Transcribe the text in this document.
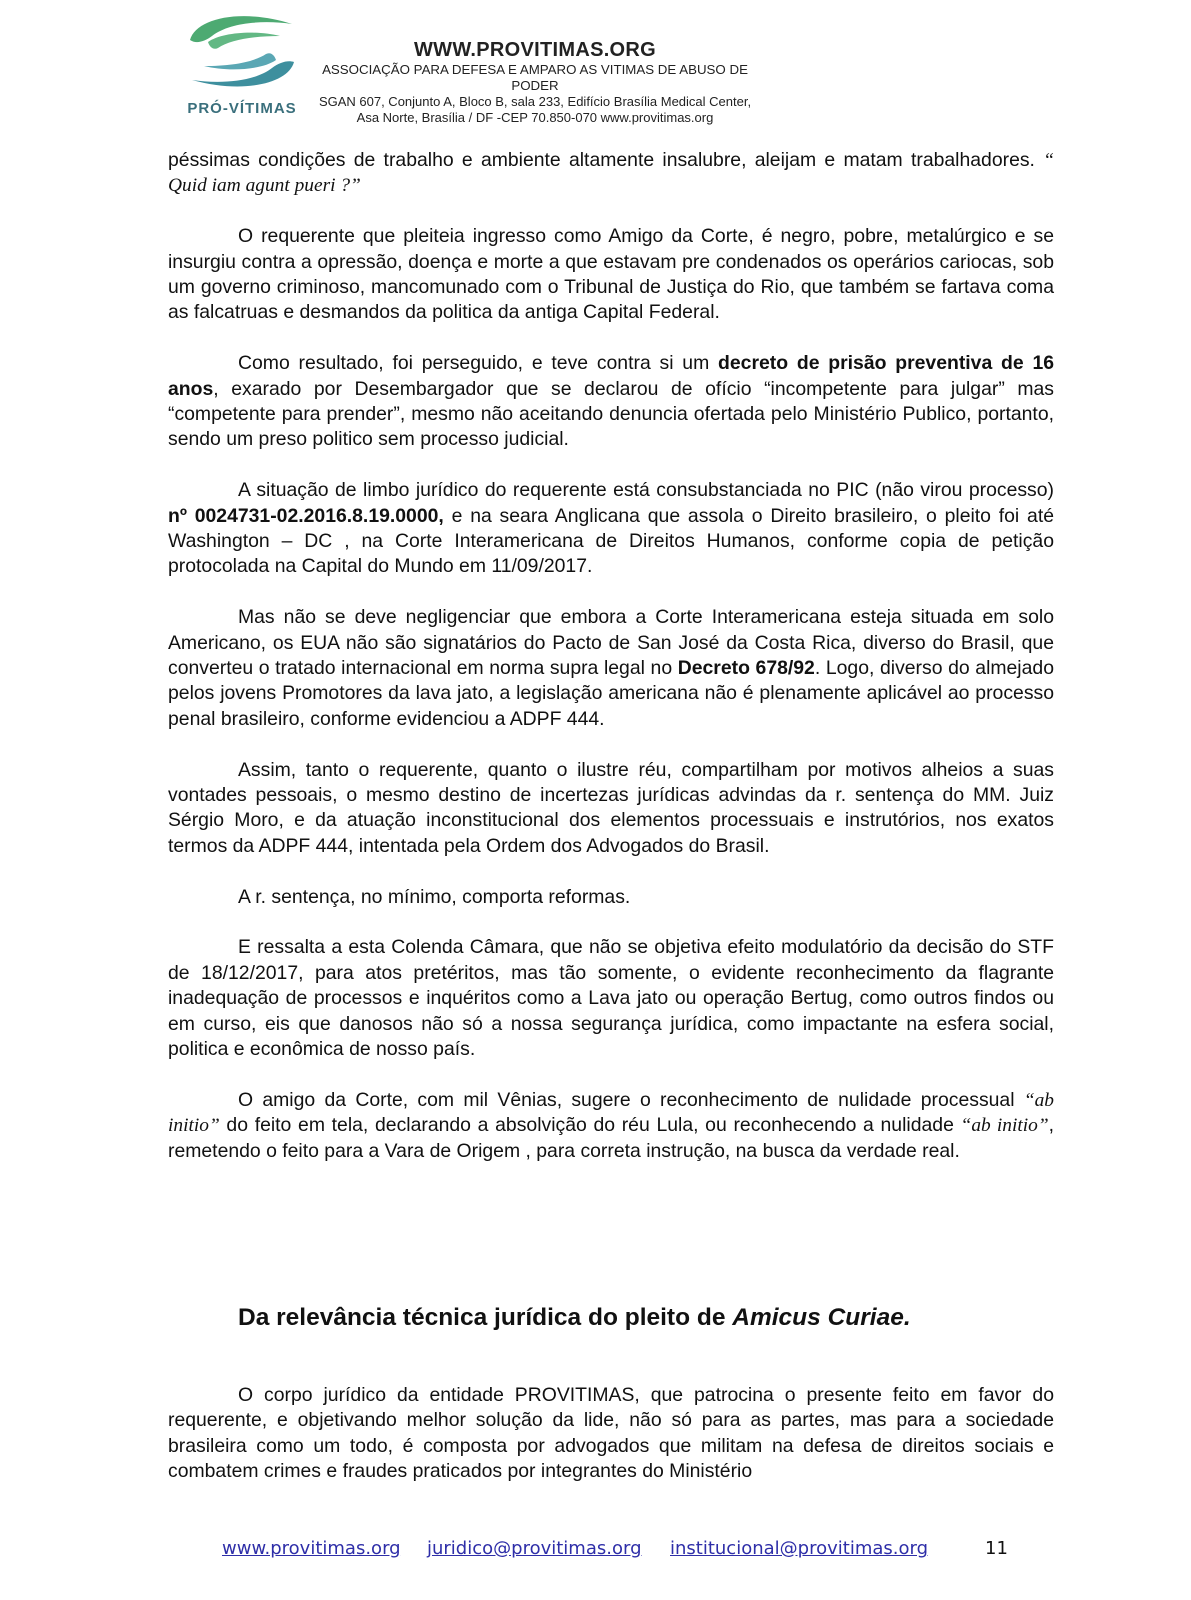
PRÓ-VÍTIMAS
WWW.PROVITIMAS.ORG
ASSOCIAÇÃO PARA DEFESA E AMPARO AS VITIMAS DE ABUSO DE PODER
SGAN 607, Conjunto A, Bloco B, sala 233, Edifício Brasília Medical Center,
Asa Norte, Brasília / DF -CEP 70.850-070 www.provitimas.org

péssimas condições de trabalho e ambiente altamente insalubre, aleijam e matam trabalhadores. “ Quid iam agunt pueri ?”

O requerente que pleiteia ingresso como Amigo da Corte, é negro, pobre, metalúrgico e se insurgiu contra a opressão, doença e morte a que estavam pre condenados os operários cariocas, sob um governo criminoso, mancomunado com o Tribunal de Justiça do Rio, que também se fartava coma as falcatruas e desmandos da politica da antiga Capital Federal.

Como resultado, foi perseguido, e teve contra si um decreto de prisão preventiva de 16 anos, exarado por Desembargador que se declarou de ofício “incompetente para julgar” mas “competente para prender”, mesmo não aceitando denuncia ofertada pelo Ministério Publico, portanto, sendo um preso politico sem processo judicial.

A situação de limbo jurídico do requerente está consubstanciada no PIC (não virou processo) nº 0024731-02.2016.8.19.0000, e na seara Anglicana que assola o Direito brasileiro, o pleito foi até Washington – DC , na Corte Interamericana de Direitos Humanos, conforme copia de petição protocolada na Capital do Mundo em 11/09/2017.

Mas não se deve negligenciar que embora a Corte Interamericana esteja situada em solo Americano, os EUA não são signatários do Pacto de San José da Costa Rica, diverso do Brasil, que converteu o tratado internacional em norma supra legal no Decreto 678/92. Logo, diverso do almejado pelos jovens Promotores da lava jato, a legislação americana não é plenamente aplicável ao processo penal brasileiro, conforme evidenciou a ADPF 444.

Assim, tanto o requerente, quanto o ilustre réu, compartilham por motivos alheios a suas vontades pessoais, o mesmo destino de incertezas jurídicas advindas da r. sentença do MM. Juiz Sérgio Moro, e da atuação inconstitucional dos elementos processuais e instrutórios, nos exatos termos da ADPF 444, intentada pela Ordem dos Advogados do Brasil.

A r. sentença, no mínimo, comporta reformas.

E ressalta a esta Colenda Câmara, que não se objetiva efeito modulatório da decisão do STF de 18/12/2017, para atos pretéritos, mas tão somente, o evidente reconhecimento da flagrante inadequação de processos e inquéritos como a Lava jato ou operação Bertug, como outros findos ou em curso, eis que danosos não só a nossa segurança jurídica, como impactante na esfera social, politica e econômica de nosso país.

O amigo da Corte, com mil Vênias, sugere o reconhecimento de nulidade processual “ab initio” do feito em tela, declarando a absolvição do réu Lula, ou reconhecendo a nulidade “ab initio”, remetendo o feito para a Vara de Origem , para correta instrução, na busca da verdade real.

Da relevância técnica jurídica do pleito de Amicus Curiae.

O corpo jurídico da entidade PROVITIMAS, que patrocina o presente feito em favor do requerente, e objetivando melhor solução da lide, não só para as partes, mas para a sociedade brasileira como um todo, é composta por advogados que militam na defesa de direitos sociais e combatem crimes e fraudes praticados por integrantes do Ministério

www.provitimas.org juridico@provitimas.org institucional@provitimas.org	11
